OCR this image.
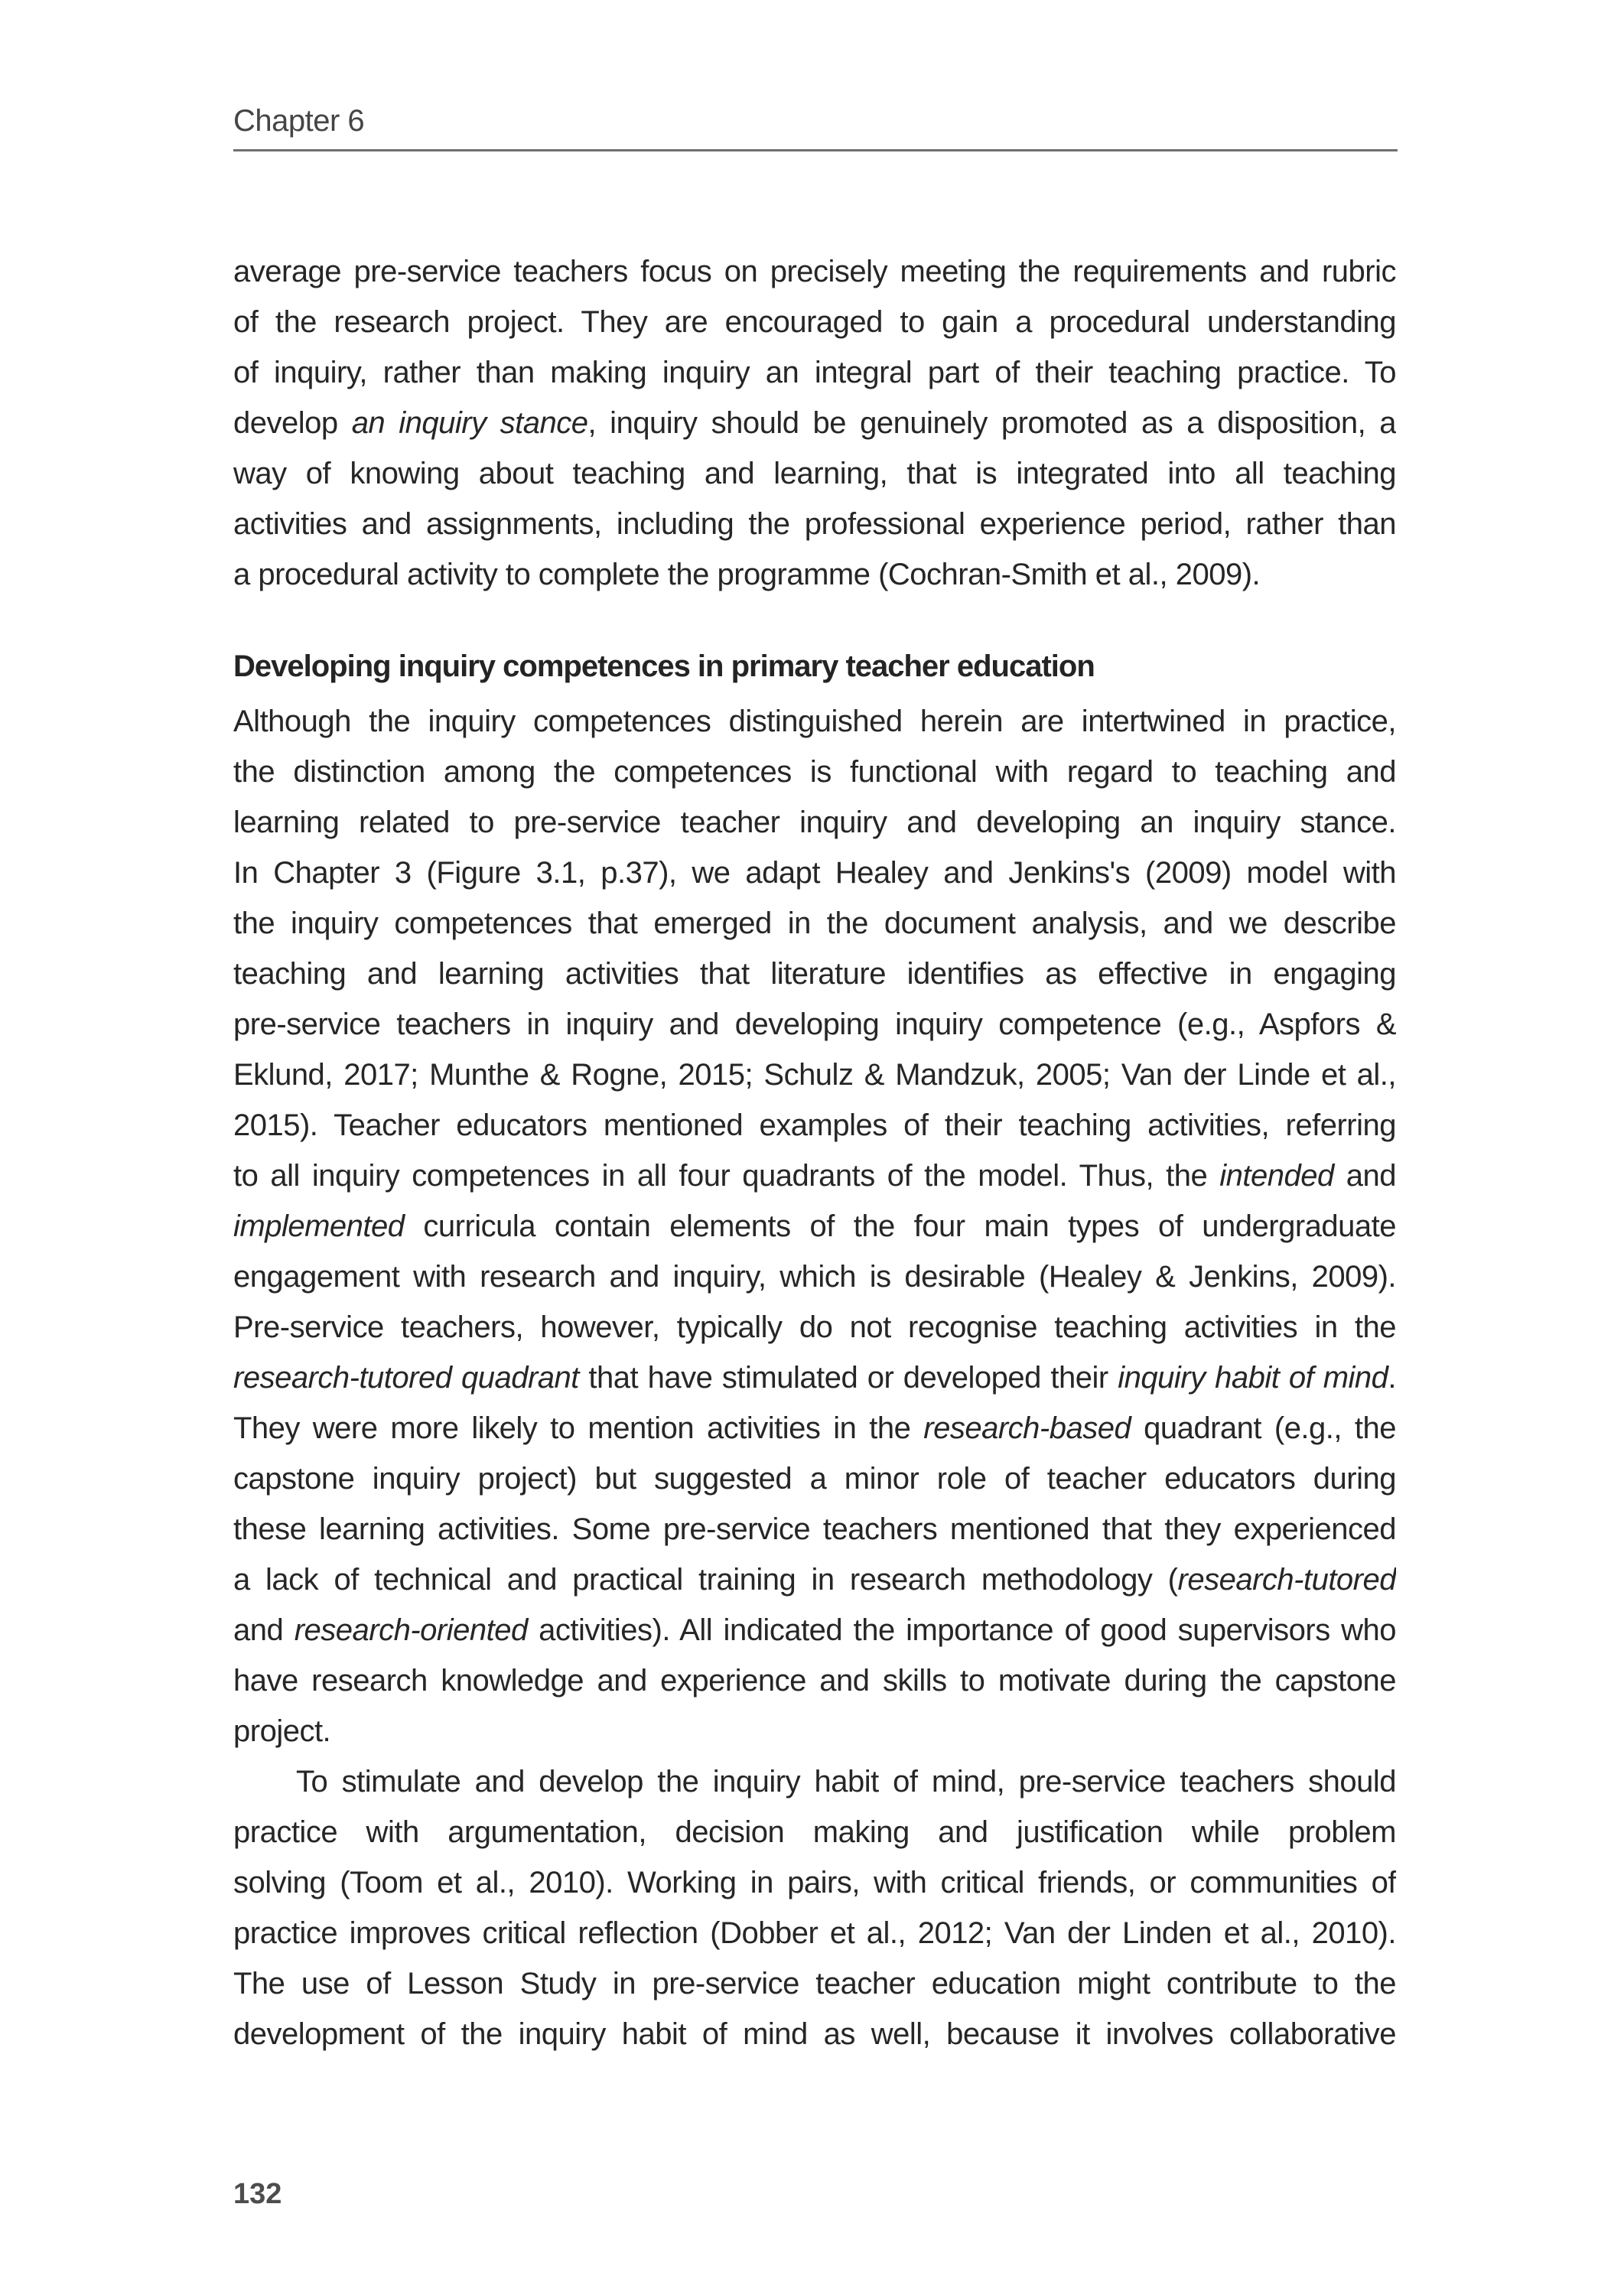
Chapter 6
Developing inquiry competences in primary teacher education
average pre-service teachers focus on precisely meeting the requirements and rubric
of the research project. They are encouraged to gain a procedural understanding
of inquiry, rather than making inquiry an integral part of their teaching practice. To
develop an inquiry stance, inquiry should be genuinely promoted as a disposition, a
way of knowing about teaching and learning, that is integrated into all teaching
activities and assignments, including the professional experience period, rather than
a procedural activity to complete the programme (Cochran-Smith et al., 2009).
Although the inquiry competences distinguished herein are intertwined in practice,
the distinction among the competences is functional with regard to teaching and
learning related to pre-service teacher inquiry and developing an inquiry stance.
In Chapter 3 (Figure 3.1, p.37), we adapt Healey and Jenkins's (2009) model with
the inquiry competences that emerged in the document analysis, and we describe
teaching and learning activities that literature identifies as effective in engaging
pre-service teachers in inquiry and developing inquiry competence (e.g., Aspfors &
Eklund, 2017; Munthe & Rogne, 2015; Schulz & Mandzuk, 2005; Van der Linde et al.,
2015). Teacher educators mentioned examples of their teaching activities, referring
to all inquiry competences in all four quadrants of the model. Thus, the intended and
implemented curricula contain elements of the four main types of undergraduate
engagement with research and inquiry, which is desirable (Healey & Jenkins, 2009).
Pre-service teachers, however, typically do not recognise teaching activities in the
research-tutored quadrant that have stimulated or developed their inquiry habit of mind.
They were more likely to mention activities in the research-based quadrant (e.g., the
capstone inquiry project) but suggested a minor role of teacher educators during
these learning activities. Some pre-service teachers mentioned that they experienced
a lack of technical and practical training in research methodology (research-tutored
and research-oriented activities). All indicated the importance of good supervisors who
have research knowledge and experience and skills to motivate during the capstone
project.
To stimulate and develop the inquiry habit of mind, pre-service teachers should
practice with argumentation, decision making and justification while problem
solving (Toom et al., 2010). Working in pairs, with critical friends, or communities of
practice improves critical reflection (Dobber et al., 2012; Van der Linden et al., 2010).
The use of Lesson Study in pre-service teacher education might contribute to the
development of the inquiry habit of mind as well, because it involves collaborative
132
